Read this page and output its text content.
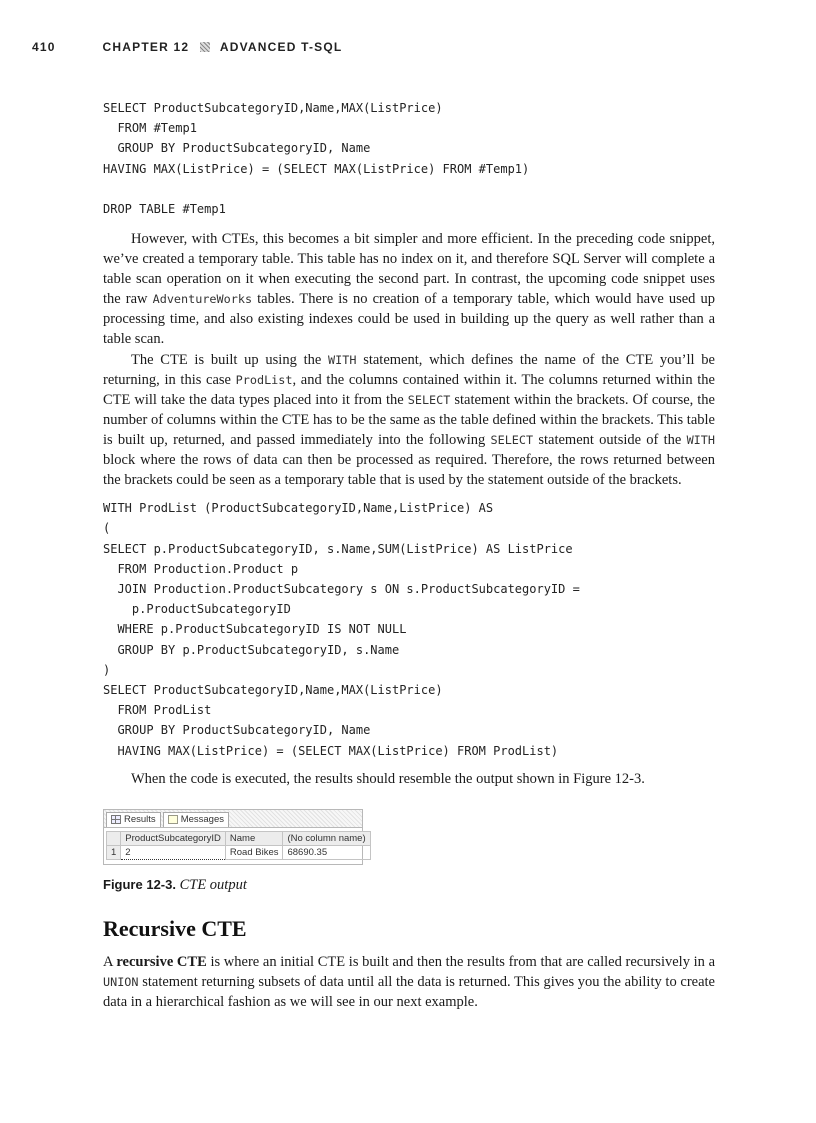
410	CHAPTER 12	ADVANCED T-SQL
SELECT ProductSubcategoryID,Name,MAX(ListPrice)
FROM #Temp1
GROUP BY ProductSubcategoryID, Name
HAVING MAX(ListPrice) = (SELECT MAX(ListPrice) FROM #Temp1)
DROP TABLE #Temp1

However, with CTEs, this becomes a bit simpler and more efficient. In the preceding code snippet, we’ve created a temporary table. This table has no index on it, and therefore SQL Server will complete a table scan operation on it when executing the second part. In contrast, the upcoming code snippet uses the raw AdventureWorks tables. There is no creation of a temporary table, which would have used up processing time, and also existing indexes could be used in building up the query as well rather than a table scan.

The CTE is built up using the WITH statement, which defines the name of the CTE you’ll be returning, in this case ProdList, and the columns contained within it. The columns returned within the CTE will take the data types placed into it from the SELECT statement within the brackets. Of course, the number of columns within the CTE has to be the same as the table defined within the brackets. This table is built up, returned, and passed immediately into the following SELECT statement outside of the WITH block where the rows of data can then be processed as required. Therefore, the rows returned between the brackets could be seen as a temporary table that is used by the statement outside of the brackets.

WITH ProdList (ProductSubcategoryID,Name,ListPrice) AS
(
SELECT p.ProductSubcategoryID, s.Name,SUM(ListPrice) AS ListPrice
FROM Production.Product p
JOIN Production.ProductSubcategory s ON s.ProductSubcategoryID =
p.ProductSubcategoryID
WHERE p.ProductSubcategoryID IS NOT NULL
GROUP BY p.ProductSubcategoryID, s.Name
)
SELECT ProductSubcategoryID,Name,MAX(ListPrice)
FROM ProdList
GROUP BY ProductSubcategoryID, Name
HAVING MAX(ListPrice) = (SELECT MAX(ListPrice) FROM ProdList)

When the code is executed, the results should resemble the output shown in Figure 12-3.

Results	Messages
	ProductSubcategoryID	Name	(No column name)
1	2	Road Bikes	68690.35
Figure 12-3. CTE output
Recursive CTE

A recursive CTE is where an initial CTE is built and then the results from that are called recursively in a UNION statement returning subsets of data until all the data is returned. This gives you the ability to create data in a hierarchical fashion as we will see in our next example.
